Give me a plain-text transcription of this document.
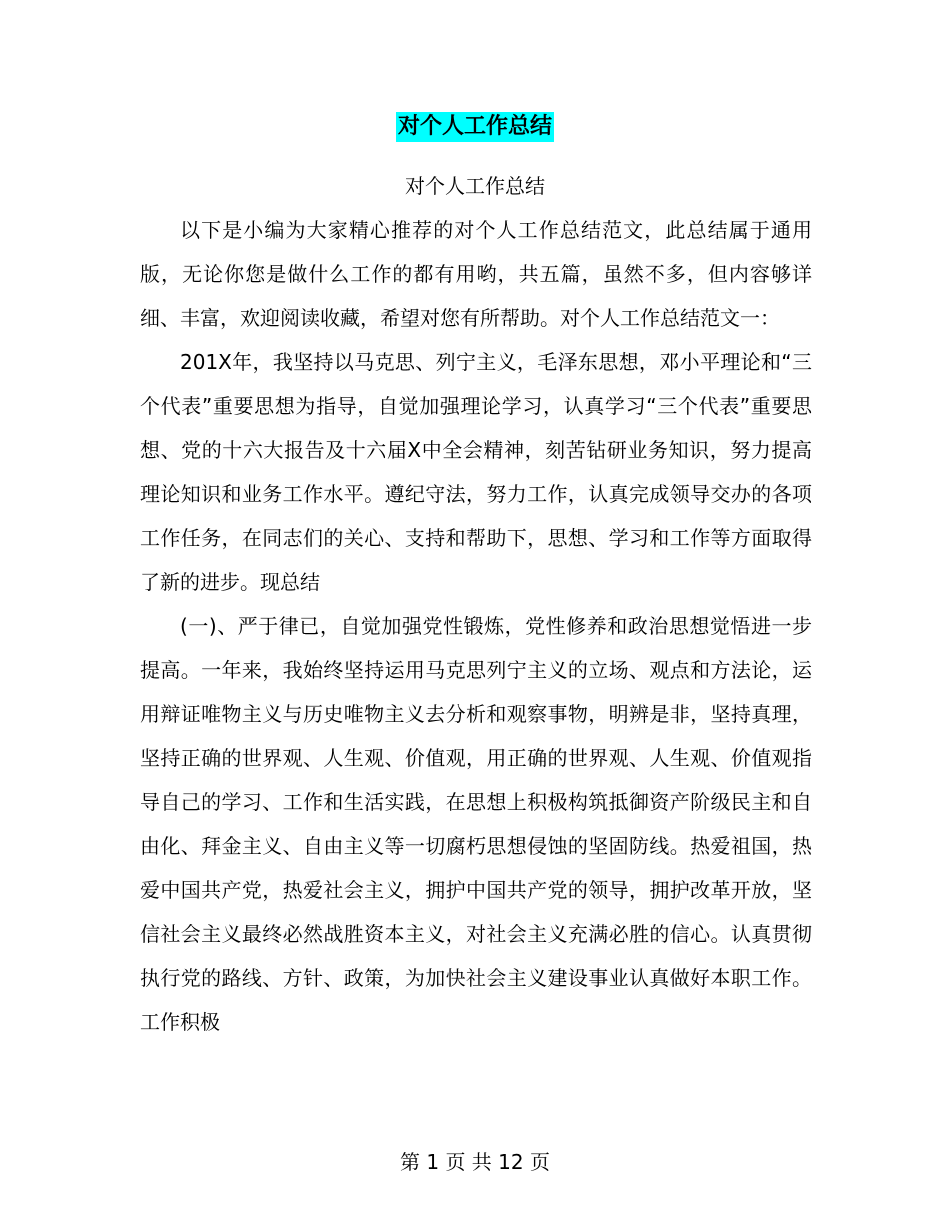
对个人工作总结
对个人工作总结

以下是小编为大家精心推荐的对个人工作总结范文，此总结属于通用版，无论你您是做什么工作的都有用哟，共五篇，虽然不多，但内容够详细、丰富，欢迎阅读收藏，希望对您有所帮助。对个人工作总结范文一：

201X年，我坚持以马克思、列宁主义，毛泽东思想，邓小平理论和“三个代表”重要思想为指导，自觉加强理论学习，认真学习“三个代表”重要思想、党的十六大报告及十六届Ⅹ中全会精神，刻苦钻研业务知识，努力提高理论知识和业务工作水平。遵纪守法，努力工作，认真完成领导交办的各项工作任务，在同志们的关心、支持和帮助下，思想、学习和工作等方面取得了新的进步。现总结

(一)、严于律已，自觉加强党性锻炼，党性修养和政治思想觉悟进一步提高。一年来，我始终坚持运用马克思列宁主义的立场、观点和方法论，运用辩证唯物主义与历史唯物主义去分析和观察事物，明辨是非，坚持真理，坚持正确的世界观、人生观、价值观，用正确的世界观、人生观、价值观指导自己的学习、工作和生活实践，在思想上积极构筑抵御资产阶级民主和自由化、拜金主义、自由主义等一切腐朽思想侵蚀的坚固防线。热爱祖国，热爱中国共产党，热爱社会主义，拥护中国共产党的领导，拥护改革开放，坚信社会主义最终必然战胜资本主义，对社会主义充满必胜的信心。认真贯彻执行党的路线、方针、政策，为加快社会主义建设事业认真做好本职工作。工作积极

第 1 页 共 12 页
